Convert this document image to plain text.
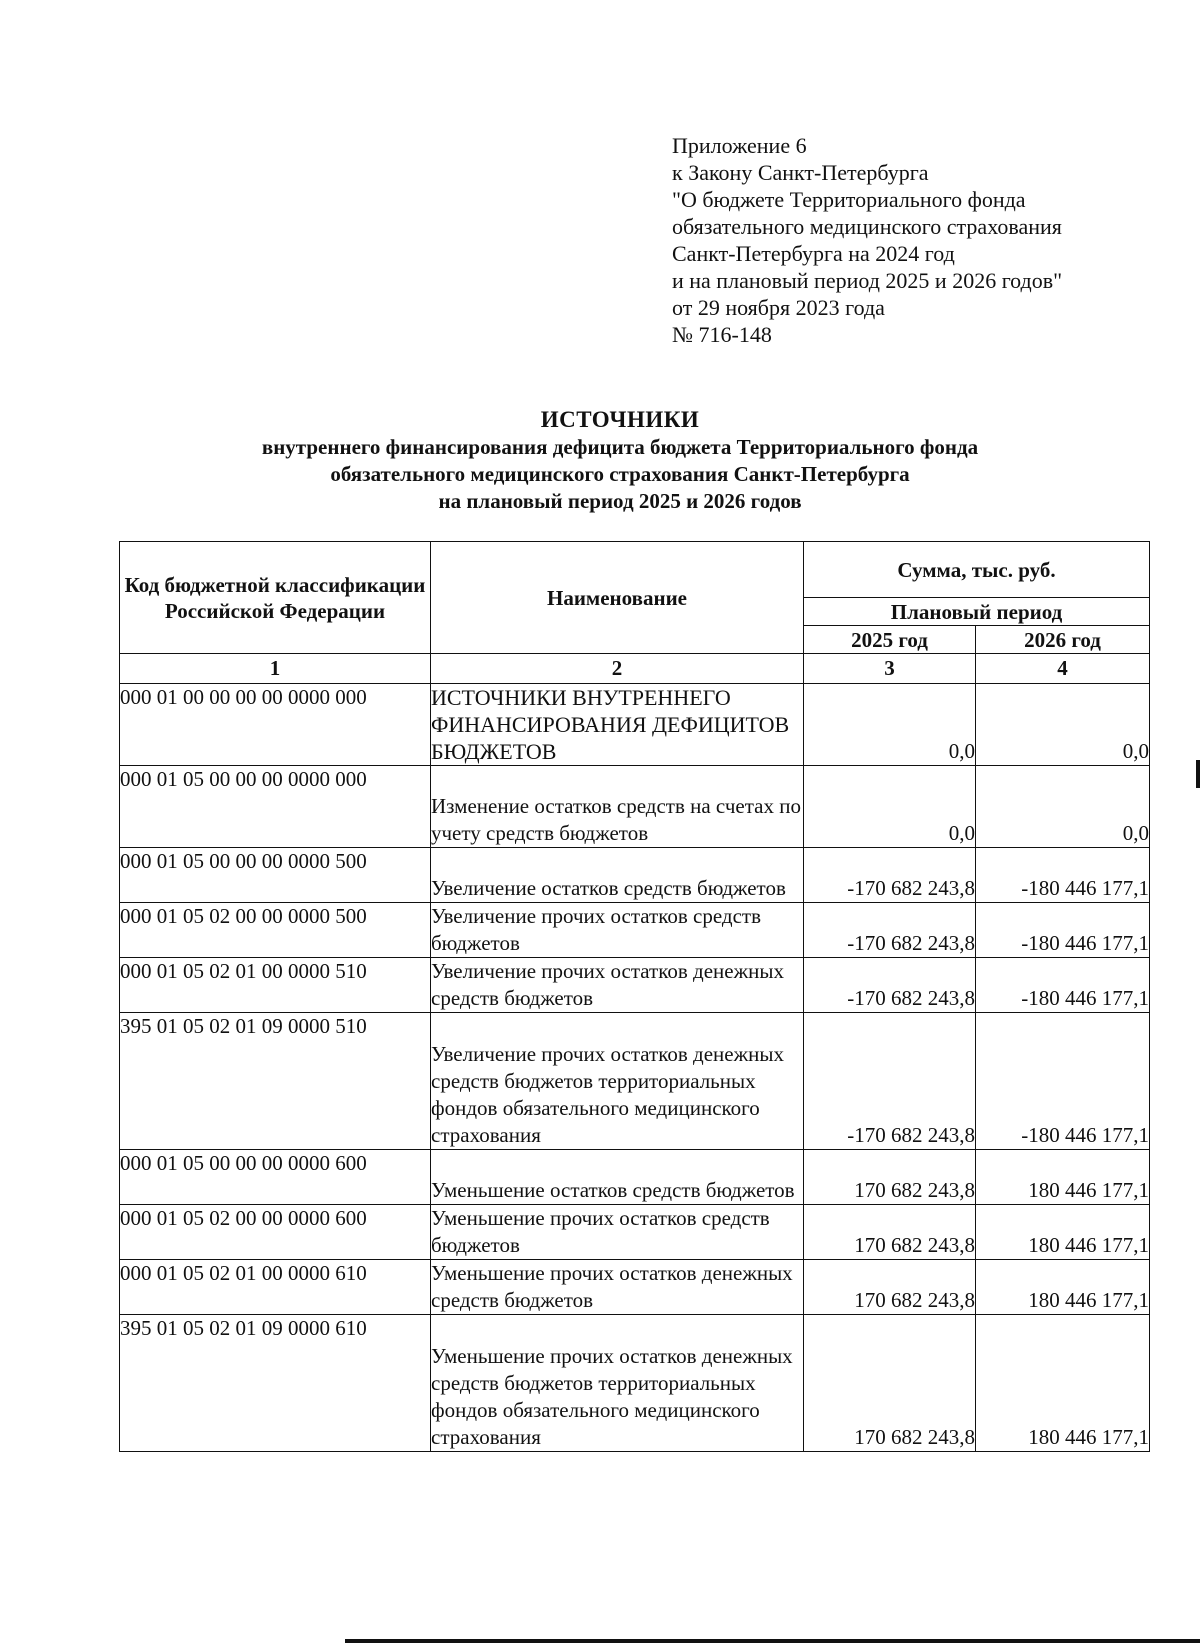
Приложение 6
к Закону Санкт-Петербурга
"О бюджете Территориального фонда
обязательного медицинского страхования
Санкт-Петербурга на 2024 год
и на плановый период 2025 и 2026 годов"
от 29 ноября 2023 года
№ 716-148
ИСТОЧНИКИ
внутреннего финансирования дефицита бюджета Территориального фонда
обязательного медицинского страхования Санкт-Петербурга
на плановый период 2025 и 2026 годов
Код бюджетной классификации Российской Федерации	Наименование	Сумма, тыс. руб.	
		Плановый период	
		2025 год	2026 год
1	2	3	4
000 01 00 00 00 00 0000 000	ИСТОЧНИКИ ВНУТРЕННЕГО ФИНАНСИРОВАНИЯ ДЕФИЦИТОВ БЮДЖЕТОВ	0,0	0,0
000 01 05 00 00 00 0000 000	Изменение остатков средств на счетах по учету средств бюджетов	0,0	0,0
000 01 05 00 00 00 0000 500	Увеличение остатков средств бюджетов	-170 682 243,8	-180 446 177,1
000 01 05 02 00 00 0000 500	Увеличение прочих остатков средств бюджетов	-170 682 243,8	-180 446 177,1
000 01 05 02 01 00 0000 510	Увеличение прочих остатков денежных средств бюджетов	-170 682 243,8	-180 446 177,1
395 01 05 02 01 09 0000 510	Увеличение прочих остатков денежных средств бюджетов территориальных фондов обязательного медицинского страхования	-170 682 243,8	-180 446 177,1
000 01 05 00 00 00 0000 600	Уменьшение остатков средств бюджетов	170 682 243,8	180 446 177,1
000 01 05 02 00 00 0000 600	Уменьшение прочих остатков средств бюджетов	170 682 243,8	180 446 177,1
000 01 05 02 01 00 0000 610	Уменьшение прочих остатков денежных средств бюджетов	170 682 243,8	180 446 177,1
395 01 05 02 01 09 0000 610	Уменьшение прочих остатков денежных средств бюджетов территориальных фондов обязательного медицинского страхования	170 682 243,8	180 446 177,1
